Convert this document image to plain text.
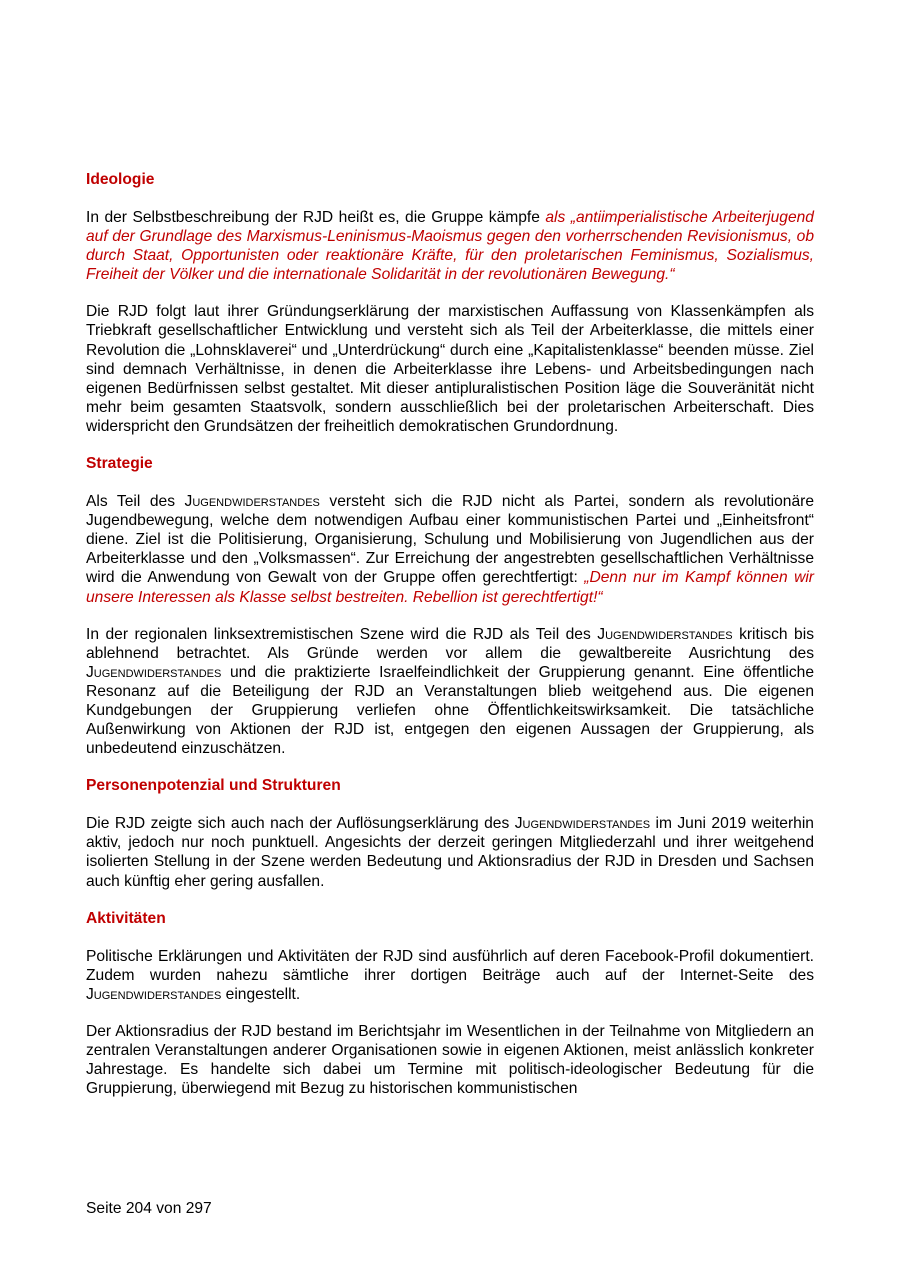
Ideologie

In der Selbstbeschreibung der RJD heißt es, die Gruppe kämpfe als „antiimperialistische Arbeiterjugend auf der Grundlage des Marxismus-Leninismus-Maoismus gegen den vorherrschenden Revisionismus, ob durch Staat, Opportunisten oder reaktionäre Kräfte, für den proletarischen Feminismus, Sozialismus, Freiheit der Völker und die internationale Solidarität in der revolutionären Bewegung.“

Die RJD folgt laut ihrer Gründungserklärung der marxistischen Auffassung von Klassenkämpfen als Triebkraft gesellschaftlicher Entwicklung und versteht sich als Teil der Arbeiterklasse, die mittels einer Revolution die „Lohnsklaverei“ und „Unterdrückung“ durch eine „Kapitalistenklasse“ beenden müsse. Ziel sind demnach Verhältnisse, in denen die Arbeiterklasse ihre Lebens- und Arbeitsbedingungen nach eigenen Bedürfnissen selbst gestaltet. Mit dieser antipluralistischen Position läge die Souveränität nicht mehr beim gesamten Staatsvolk, sondern ausschließlich bei der proletarischen Arbeiterschaft. Dies widerspricht den Grundsätzen der freiheitlich demokratischen Grundordnung.

Strategie

Als Teil des Jugendwiderstandes versteht sich die RJD nicht als Partei, sondern als revolutionäre Jugendbewegung, welche dem notwendigen Aufbau einer kommunistischen Partei und „Einheitsfront“ diene. Ziel ist die Politisierung, Organisierung, Schulung und Mobilisierung von Jugendlichen aus der Arbeiterklasse und den „Volksmassen“. Zur Erreichung der angestrebten gesellschaftlichen Verhältnisse wird die Anwendung von Gewalt von der Gruppe offen gerechtfertigt: „Denn nur im Kampf können wir unsere Interessen als Klasse selbst bestreiten. Rebellion ist gerechtfertigt!“

In der regionalen linksextremistischen Szene wird die RJD als Teil des Jugendwiderstandes kritisch bis ablehnend betrachtet. Als Gründe werden vor allem die gewaltbereite Ausrichtung des Jugendwiderstandes und die praktizierte Israelfeindlichkeit der Gruppierung genannt. Eine öffentliche Resonanz auf die Beteiligung der RJD an Veranstaltungen blieb weitgehend aus. Die eigenen Kundgebungen der Gruppierung verliefen ohne Öffentlichkeitswirksamkeit. Die tatsächliche Außenwirkung von Aktionen der RJD ist, entgegen den eigenen Aussagen der Gruppierung, als unbedeutend einzuschätzen.

Personenpotenzial und Strukturen

Die RJD zeigte sich auch nach der Auflösungserklärung des Jugendwiderstandes im Juni 2019 weiterhin aktiv, jedoch nur noch punktuell. Angesichts der derzeit geringen Mitgliederzahl und ihrer weitgehend isolierten Stellung in der Szene werden Bedeutung und Aktionsradius der RJD in Dresden und Sachsen auch künftig eher gering ausfallen.

Aktivitäten

Politische Erklärungen und Aktivitäten der RJD sind ausführlich auf deren Facebook-Profil dokumentiert. Zudem wurden nahezu sämtliche ihrer dortigen Beiträge auch auf der Internet-Seite des Jugendwiderstandes eingestellt.

Der Aktionsradius der RJD bestand im Berichtsjahr im Wesentlichen in der Teilnahme von Mitgliedern an zentralen Veranstaltungen anderer Organisationen sowie in eigenen Aktionen, meist anlässlich konkreter Jahrestage. Es handelte sich dabei um Termine mit politisch-ideologischer Bedeutung für die Gruppierung, überwiegend mit Bezug zu historischen kommunistischen

Seite 204 von 297
